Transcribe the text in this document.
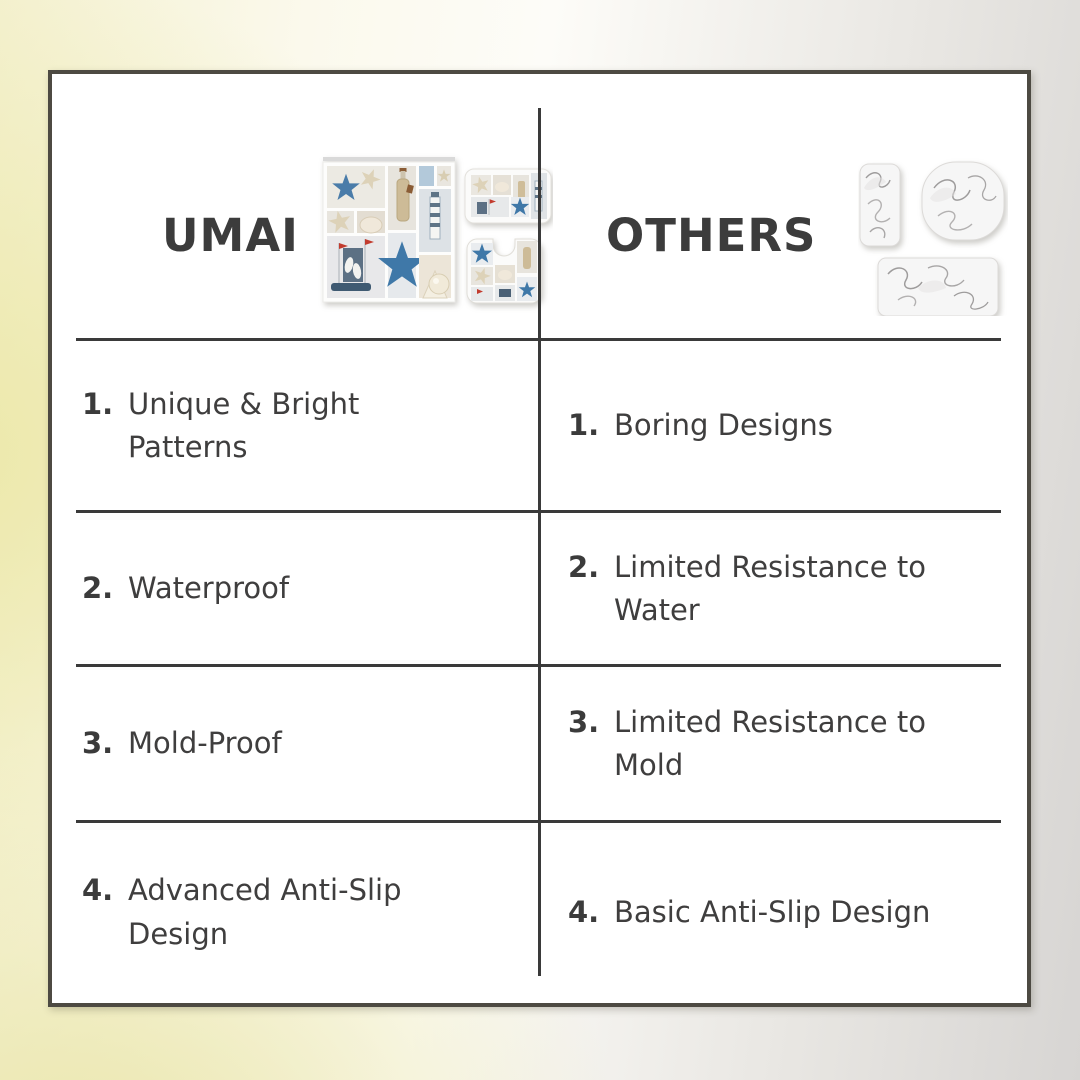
UMAI	OTHERS
1. Unique & Bright Patterns
1. Boring Designs
2. Waterproof
2. Limited Resistance to Water
3. Mold-Proof
3. Limited Resistance to Mold
4. Advanced Anti-Slip Design
4. Basic Anti-Slip Design
